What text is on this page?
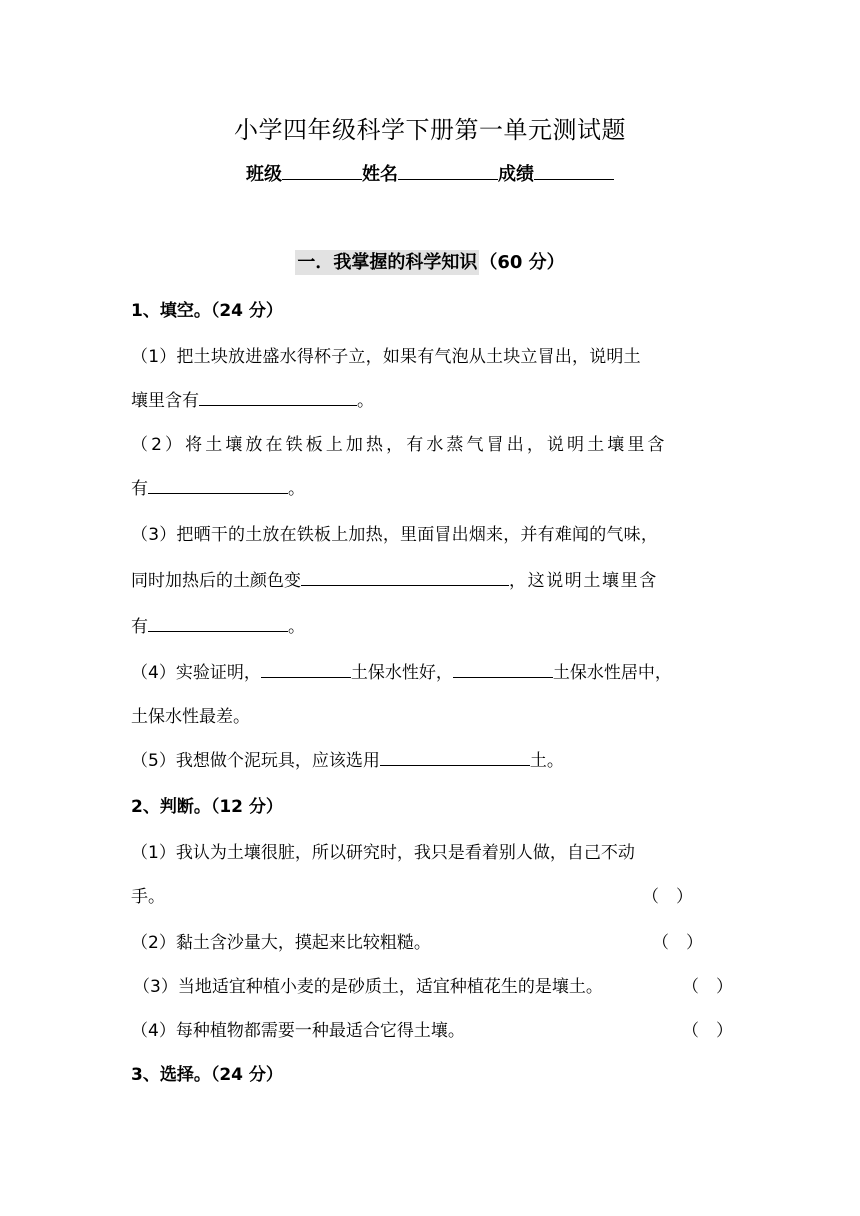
小学四年级科学下册第一单元测试题
班级	姓名	成绩
一．我掌握的科学知识 （60 分）
1、填空。（24 分）
（1）把土块放进盛水得杯子立，如果有气泡从土块立冒出，说明土
壤里含有	。
（2）将土壤放在铁板上加热，有水蒸气冒出，说明土壤里含
有	。
（3）把晒干的土放在铁板上加热，里面冒出烟来，并有难闻的气味，
同时加热后的土颜色变	，这说明土壤里含
有	。
（4）实验证明，	土保水性好，	土保水性居中，
土保水性最差。
（5）我想做个泥玩具，应该选用	土。
2、判断。（12 分）
（1）我认为土壤很脏，所以研究时，我只是看着别人做，自己不动
手。	（　）
（2）黏土含沙量大，摸起来比较粗糙。	（　）
（3）当地适宜种植小麦的是砂质土，适宜种植花生的是壤土。	（　）
（4）每种植物都需要一种最适合它得土壤。	（　）
3、选择。（24 分）
